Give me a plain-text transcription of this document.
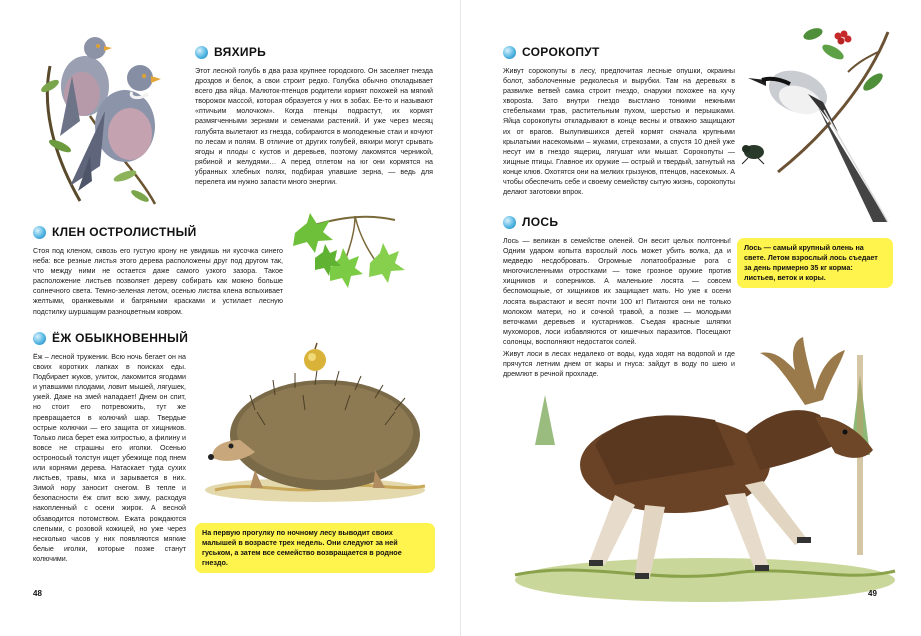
ВЯХИРЬ
Этот лесной голубь в два раза крупнее городского. Он заселяет гнезда дроздов и белок, а свои строит редко. Голубка обычно откладывает всего два яйца. Малюток-птенцов родители кормят похожей на мягкий творожок массой, которая образуется у них в зобах. Ее-то и называют «птичьим молочком». Когда птенцы подрастут, их кормят размягченными зернами и семенами растений. И уже через месяц голубята вылетают из гнезда, собираются в молодежные стаи и кочуют по лесам и полям. В отличие от других голубей, вяхири могут срывать ягоды и плоды с кустов и деревьев, поэтому лакомятся черникой, рябиной и желудями… А перед отлетом на юг они кормятся на убранных хлебных полях, подбирая упавшие зерна, — ведь для перелета им нужно запасти много энергии.
КЛЕН ОСТРОЛИСТНЫЙ
Стоя под кленом, сквозь его густую крону не увидишь ни кусочка синего неба: все резные листья этого дерева расположены друг под другом так, что между ними не остается даже самого узкого зазора. Такое расположение листьев позволяет дереву собирать как можно больше солнечного света. Темно-зеленая летом, осенью листва клена вспыхивает желтыми, оранжевыми и багряными красками и устилает лесную подстилку шуршащим разноцветным ковром.
ЁЖ ОБЫКНОВЕННЫЙ
Ёж – лесной труженик. Всю ночь бегает он на своих коротких лапках в поисках еды. Подбирает жуков, улиток, лакомится ягодами и упавшими плодами, ловит мышей, лягушек, ужей. Даже на змей нападает! Днем он спит, но стоит его потревожить, тут же превращается в колючий шар. Твердые острые колючки — его защита от хищников. Только лиса берет ежа хитростью, а филину и вовсе не страшны его иголки. Осенью остроносый толстун ищет убежище под пнем или корнями дерева. Натаскает туда сухих листьев, травы, мха и зарывается в них. Зимой нору заносит снегом. В тепле и безопасности ёж спит всю зиму, расходуя накопленный с осени жирок. А весной обзаводится потомством. Ежата рождаются слепыми, с розовой кожицей, но уже через несколько часов у них появляются мягкие белые иголки, которые позже станут колючими.
На первую прогулку по ночному лесу выводит своих малышей в возрасте трех недель. Они следуют за ней гуськом, а затем все семейство возвращается в родное гнездо.
48
СОРОКОПУТ
Живут сорокопуты в лесу, предпочитая лесные опушки, окраины болот, заболоченные редколесья и вырубки. Там на деревьях в развилке ветвей самка строит гнездо, снаружи похожее на кучу хворosta. Зато внутри гнездо выстлано тонкими нежными стебельками трав, растительным пухом, шерстью и перышками. Яйца сорокопуты откладывают в конце весны и отважно защищают их от врагов. Вылупившихся детей кормят сначала крупными крылатыми насекомыми – жуками, стрекозами, а спустя 10 дней уже несут им в гнездо ящериц, лягушат или мышат. Сорокопуты — хищные птицы. Главное их оружие — острый и твердый, загнутый на конце клюв. Охотятся они на мелких грызунов, птенцов, насекомых. А чтобы обеспечить себе и своему семейству сытую жизнь, сорокопуты делают заготовки впрок.
ЛОСЬ
Лось — великан в семействе оленей. Он весит целых полтонны! Одним ударом копыта взрослый лось может убить волка, да и медведю несдобровать. Огромные лопатообразные рога с многочисленными отростками — тоже грозное оружие против хищников и соперников. А маленькие лосята — совсем беспомощные, от хищников их защищает мать. Но уже к осени лосята вырастают и весят почти 100 кг! Питаются они не только молоком матери, но и сочной травой, а позже — молодыми веточками деревьев и кустарников. Съедая красные шляпки мухоморов, лоси избавляются от кишечных паразитов. Посещают солонцы, восполняют недостаток солей.
Живут лоси в лесах недалеко от воды, куда ходят на водопой и где прячутся летним днем от жары и гнуса: зайдут в воду по шею и дремлют в речной прохладе.
Лось — самый крупный олень на свете. Летом взрослый лось съедает за день примерно 35 кг корма: листьев, веток и коры.
49
